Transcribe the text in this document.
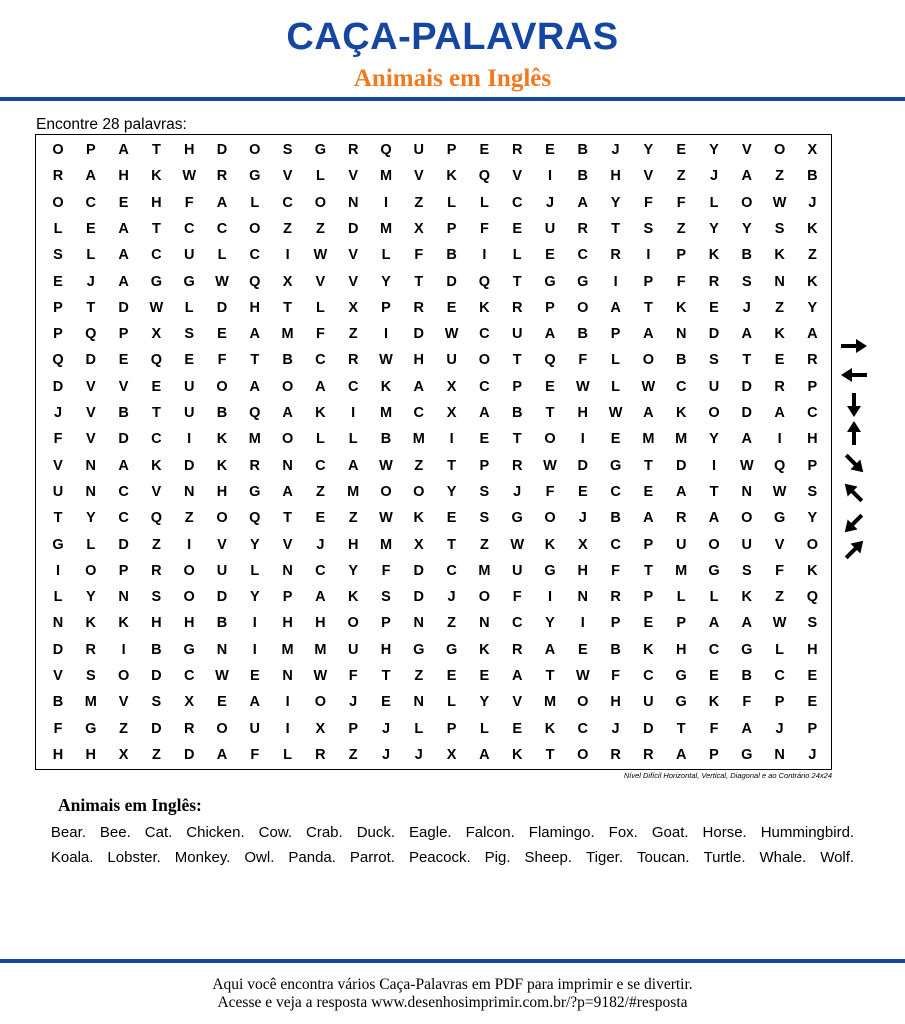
CAÇA-PALAVRAS
Animais em Inglês
Encontre 28 palavras:
O	P	A	T	H	D	O	S	G	R	Q	U	P	E	R	E	B	J	Y	E	Y	V	O	X
R	A	H	K	W	R	G	V	L	V	M	V	K	Q	V	I	B	H	V	Z	J	A	Z	B
O	C	E	H	F	A	L	C	O	N	I	Z	L	L	C	J	A	Y	F	F	L	O	W	J
L	E	A	T	C	C	O	Z	Z	D	M	X	P	F	E	U	R	T	S	Z	Y	Y	S	K
S	L	A	C	U	L	C	I	W	V	L	F	B	I	L	E	C	R	I	P	K	B	K	Z
E	J	A	G	G	W	Q	X	V	V	Y	T	D	Q	T	G	G	I	P	F	R	S	N	K
P	T	D	W	L	D	H	T	L	X	P	R	E	K	R	P	O	A	T	K	E	J	Z	Y
P	Q	P	X	S	E	A	M	F	Z	I	D	W	C	U	A	B	P	A	N	D	A	K	A
Q	D	E	Q	E	F	T	B	C	R	W	H	U	O	T	Q	F	L	O	B	S	T	E	R
D	V	V	E	U	O	A	O	A	C	K	A	X	C	P	E	W	L	W	C	U	D	R	P
J	V	B	T	U	B	Q	A	K	I	M	C	X	A	B	T	H	W	A	K	O	D	A	C
F	V	D	C	I	K	M	O	L	L	B	M	I	E	T	O	I	E	M	M	Y	A	I	H
V	N	A	K	D	K	R	N	C	A	W	Z	T	P	R	W	D	G	T	D	I	W	Q	P
U	N	C	V	N	H	G	A	Z	M	O	O	Y	S	J	F	E	C	E	A	T	N	W	S
T	Y	C	Q	Z	O	Q	T	E	Z	W	K	E	S	G	O	J	B	A	R	A	O	G	Y
G	L	D	Z	I	V	Y	V	J	H	M	X	T	Z	W	K	X	C	P	U	O	U	V	O
I	O	P	R	O	U	L	N	C	Y	F	D	C	M	U	G	H	F	T	M	G	S	F	K
L	Y	N	S	O	D	Y	P	A	K	S	D	J	O	F	I	N	R	P	L	L	K	Z	Q
N	K	K	H	H	B	I	H	H	O	P	N	Z	N	C	Y	I	P	E	P	A	A	W	S
D	R	I	B	G	N	I	M	M	U	H	G	G	K	R	A	E	B	K	H	C	G	L	H
V	S	O	D	C	W	E	N	W	F	T	Z	E	E	A	T	W	F	C	G	E	B	C	E
B	M	V	S	X	E	A	I	O	J	E	N	L	Y	V	M	O	H	U	G	K	F	P	E
F	G	Z	D	R	O	U	I	X	P	J	L	P	L	E	K	C	J	D	T	F	A	J	P
H	H	X	Z	D	A	F	L	R	Z	J	J	X	A	K	T	O	R	R	A	P	G	N	J
Nível Difícil Horizontal, Vertical, Diagonal e ao Contrário 24x24
Animais em Inglês:
Bear. Bee. Cat. Chicken. Cow. Crab. Duck. Eagle. Falcon. Flamingo. Fox. Goat. Horse. Hummingbird.Koala. Lobster. Monkey. Owl. Panda. Parrot. Peacock. Pig. Sheep. Tiger. Toucan. Turtle. Whale. Wolf.
Aqui você encontra vários Caça-Palavras em PDF para imprimir e se divertir.
Acesse e veja a resposta www.desenhosimprimir.com.br/?p=9182/#resposta
